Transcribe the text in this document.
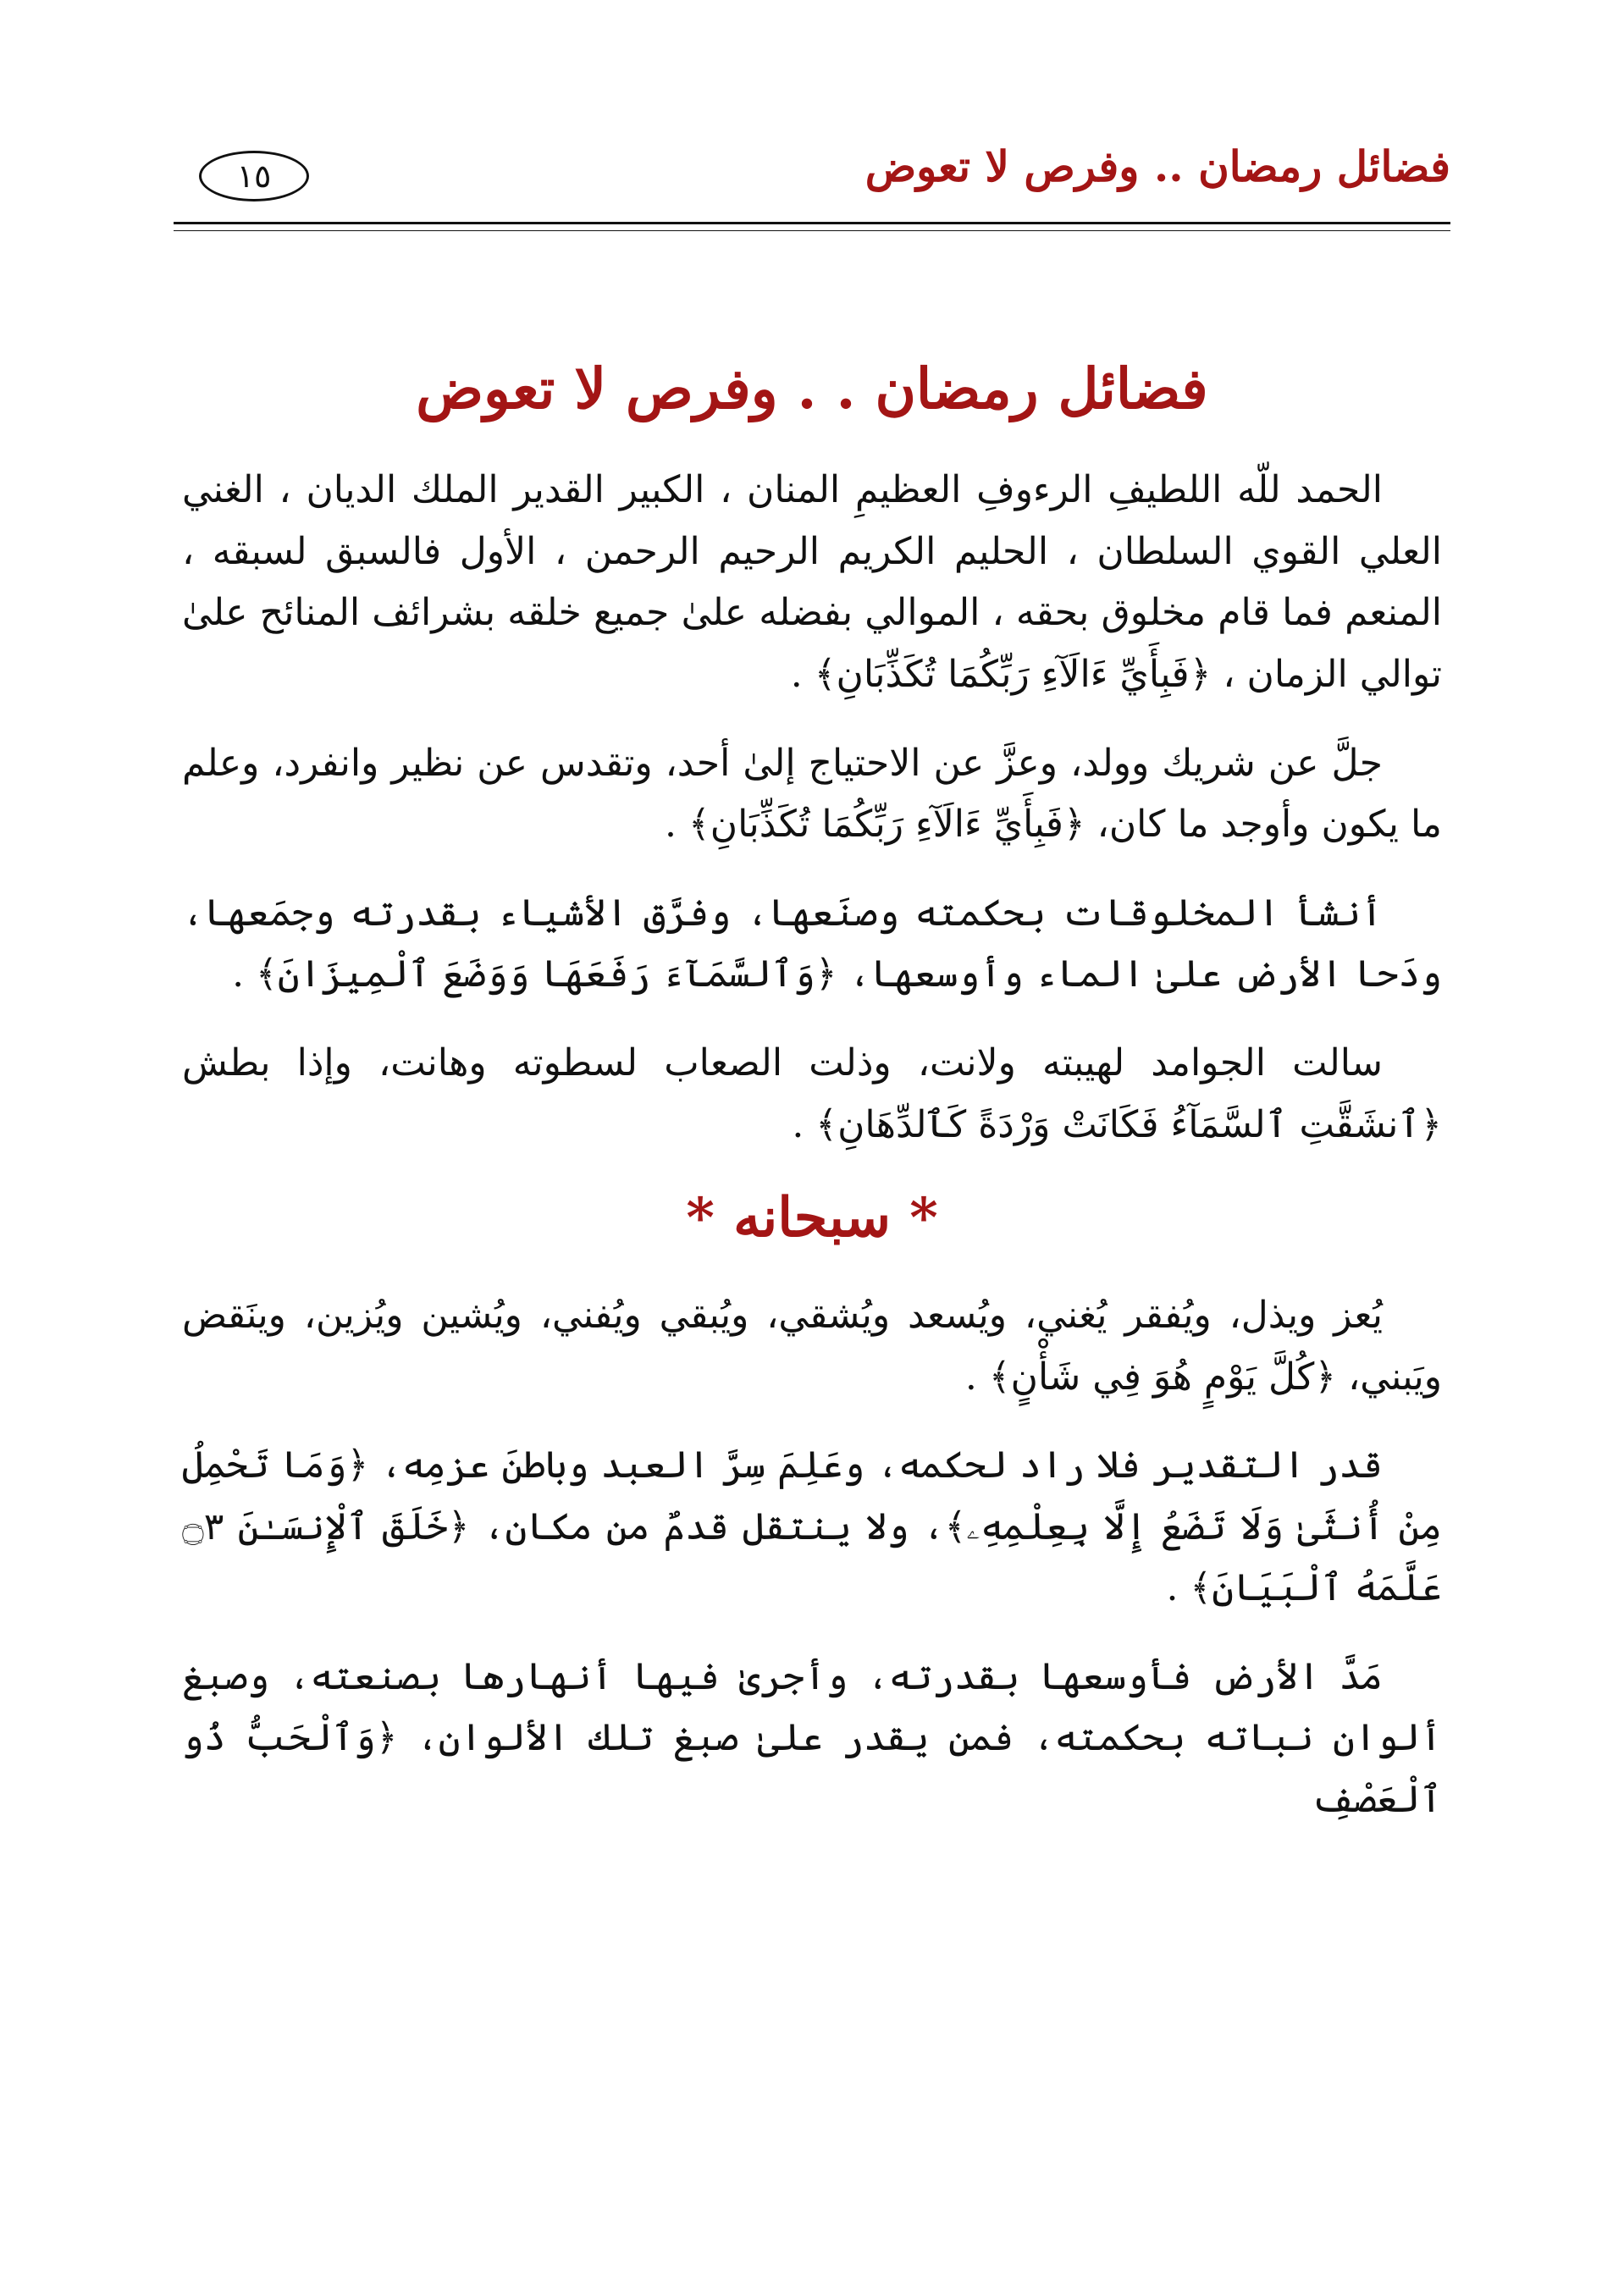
فضائل رمضان .. وفرص لا تعوض
١٥
فضائل رمضان . . وفرص لا تعوض

الحمد للّه اللطيفِ الرءوفِ العظيمِ المنان ، الكبير القدير الملك الديان ، الغني العلي القوي السلطان ، الحليم الكريم الرحيم الرحمن ، الأول فالسبق لسبقه ، المنعم فما قام مخلوق بحقه ، الموالي بفضله علىٰ جميع خلقه بشرائف المنائح علىٰ توالي الزمان ، ﴿فَبِأَيِّ ءَالَآءِ رَبِّكُمَا تُكَذِّبَانِ﴾ .

جلَّ عن شريك وولد، وعزَّ عن الاحتياج إلىٰ أحد، وتقدس عن نظير وانفرد، وعلم ما يكون وأوجد ما كان، ﴿فَبِأَيِّ ءَالَآءِ رَبِّكُمَا تُكَذِّبَانِ﴾ .

أنشأ المخلوقات بحكمته وصنَعها، وفرَّق الأشياء بقدرته وجمَعها، ودَحا الأرض علىٰ الماء وأوسعها، ﴿وَٱلسَّمَآءَ رَفَعَهَا وَوَضَعَ ٱلْمِيزَانَ﴾ .

سالت الجوامد لهيبته ولانت، وذلت الصعاب لسطوته وهانت، وإذا بطش ﴿ٱنشَقَّتِ ٱلسَّمَآءُ فَكَانَتْ وَرْدَةً كَٱلدِّهَانِ﴾ .

* سبحانه *

يُعز ويذل، ويُفقر يُغني، ويُسعد ويُشقي، ويُبقي ويُفني، ويُشين ويُزين، وينَقض ويَبني، ﴿كُلَّ يَوْمٍ هُوَ فِي شَأْنٍ﴾ .

قدر التقدير فلا راد لحكمه، وعَلِمَ سِرَّ العبد وباطنَ عزمِه، ﴿وَمَا تَحْمِلُ مِنْ أُنثَىٰ وَلَا تَضَعُ إِلَّا بِعِلْمِهِۦ﴾، ولا ينتقل قدمٌ من مكان، ﴿خَلَقَ ٱلْإِنسَـٰنَ ۝٣ عَلَّمَهُ ٱلْبَيَانَ﴾ .

مَدَّ الأرض فأوسعها بقدرته، وأجرىٰ فيها أنهارها بصنعته، وصبغ ألوان نباته بحكمته، فمن يقدر علىٰ صبغ تلك الألوان، ﴿وَٱلْحَبُّ ذُو ٱلْعَصْفِ
